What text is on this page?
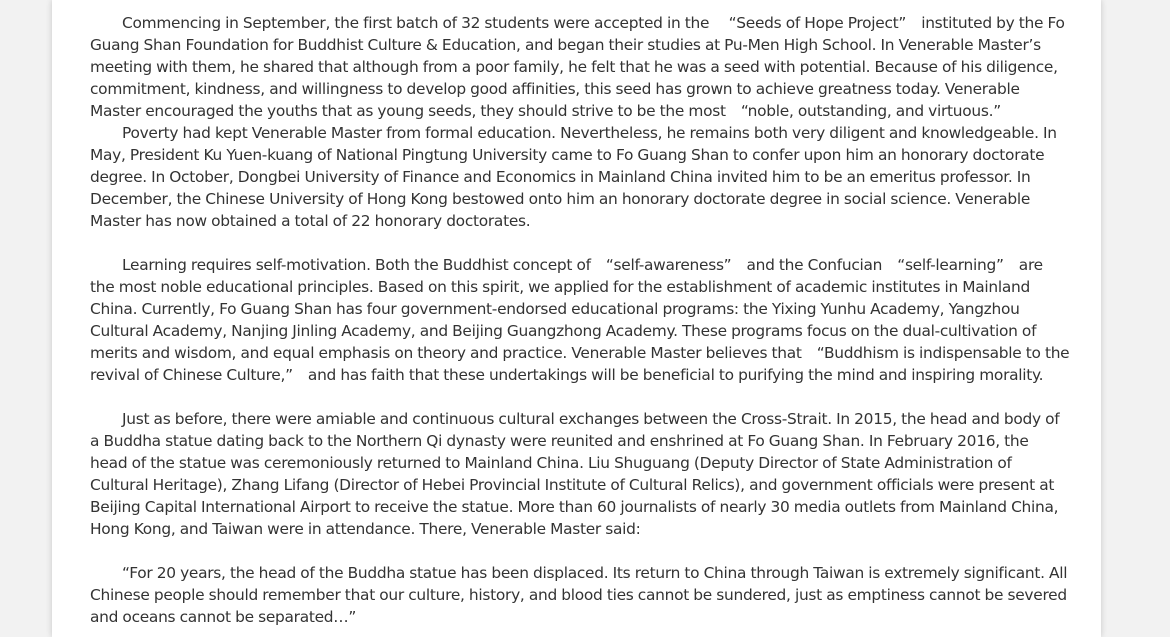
Commencing in September, the first batch of 32 students were accepted in the 　“Seeds of Hope Project”　instituted by the Fo Guang Shan Foundation for Buddhist Culture & Education, and began their studies at Pu-Men High School. In Venerable Master’s meeting with them, he shared that although from a poor family, he felt that he was a seed with potential. Because of his diligence, commitment, kindness, and willingness to develop good affinities, this seed has grown to achieve greatness today. Venerable Master encouraged the youths that as young seeds, they should strive to be the most　“noble, outstanding, and virtuous.”

Poverty had kept Venerable Master from formal education. Nevertheless, he remains both very diligent and knowledgeable. In May, President Ku Yuen-kuang of National Pingtung University came to Fo Guang Shan to confer upon him an honorary doctorate degree. In October, Dongbei University of Finance and Economics in Mainland China invited him to be an emeritus professor. In December, the Chinese University of Hong Kong bestowed onto him an honorary doctorate degree in social science. Venerable Master has now obtained a total of 22 honorary doctorates.

Learning requires self-motivation. Both the Buddhist concept of　“self-awareness”　and the Confucian　“self-learning”　are the most noble educational principles. Based on this spirit, we applied for the establishment of academic institutes in Mainland China. Currently, Fo Guang Shan has four government-endorsed educational programs: the Yixing Yunhu Academy, Yangzhou Cultural Academy, Nanjing Jinling Academy, and Beijing Guangzhong Academy. These programs focus on the dual-cultivation of merits and wisdom, and equal emphasis on theory and practice. Venerable Master believes that　“Buddhism is indispensable to the revival of Chinese Culture,”　and has faith that these undertakings will be beneficial to purifying the mind and inspiring morality.

Just as before, there were amiable and continuous cultural exchanges between the Cross-Strait. In 2015, the head and body of a Buddha statue dating back to the Northern Qi dynasty were reunited and enshrined at Fo Guang Shan. In February 2016, the head of the statue was ceremoniously returned to Mainland China. Liu Shuguang (Deputy Director of State Administration of Cultural Heritage), Zhang Lifang (Director of Hebei Provincial Institute of Cultural Relics), and government officials were present at Beijing Capital International Airport to receive the statue. More than 60 journalists of nearly 30 media outlets from Mainland China, Hong Kong, and Taiwan were in attendance. There, Venerable Master said:

“For 20 years, the head of the Buddha statue has been displaced. Its return to China through Taiwan is extremely significant. All Chinese people should remember that our culture, history, and blood ties cannot be sundered, just as emptiness cannot be severed and oceans cannot be separated…”
